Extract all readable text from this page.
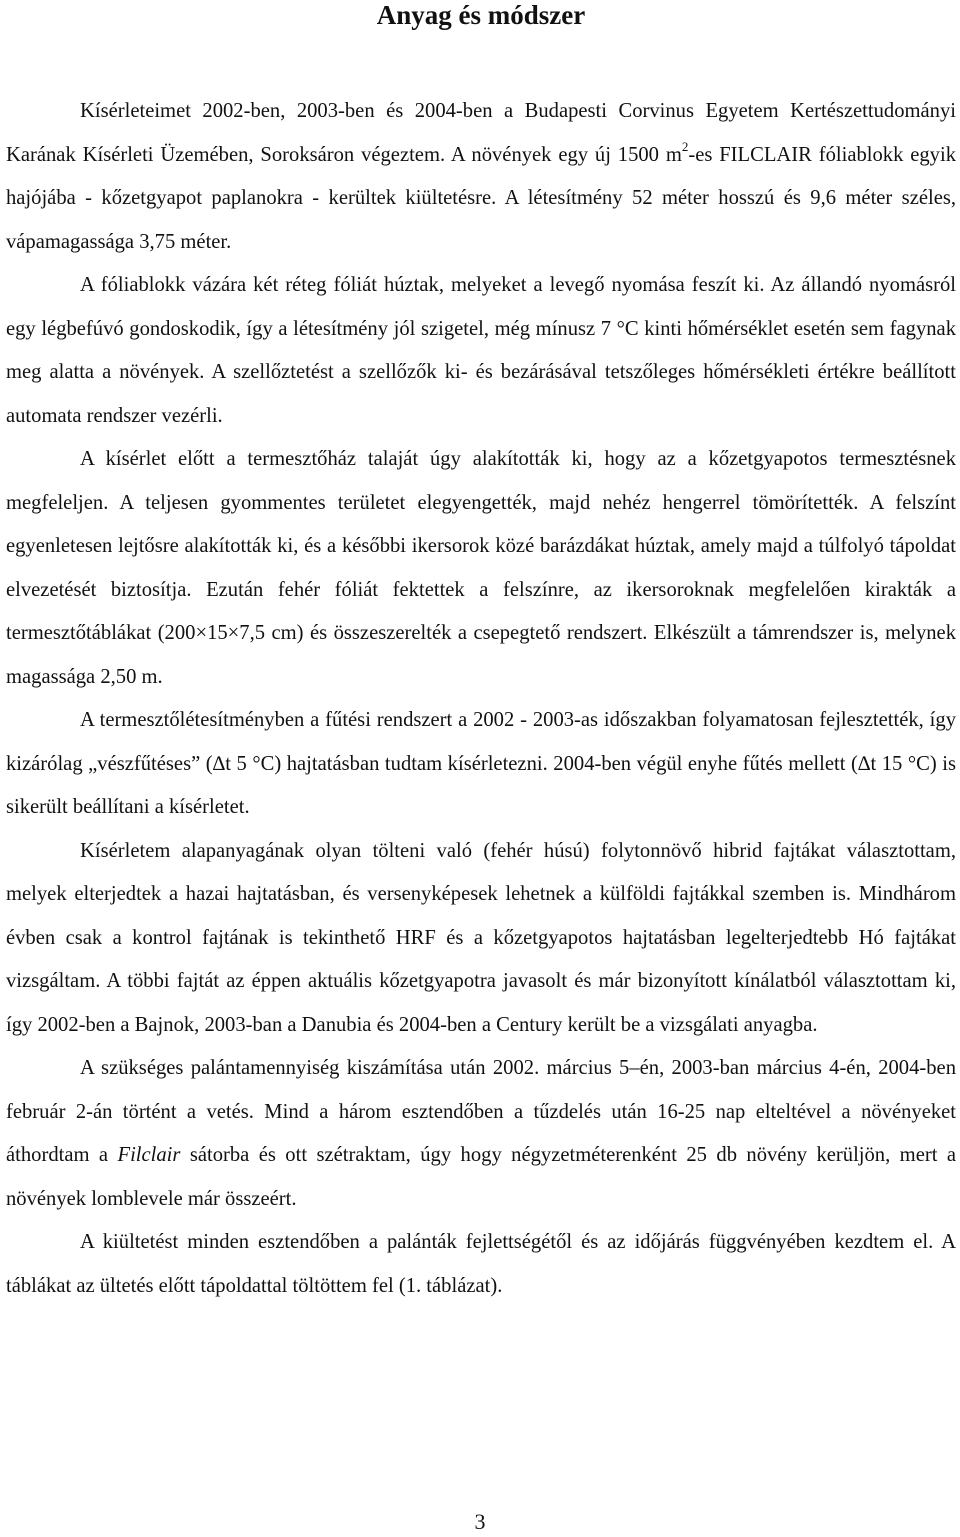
Anyag és módszer

Kísérleteimet 2002-ben, 2003-ben és 2004-ben a Budapesti Corvinus Egyetem Kertészettudományi Karának Kísérleti Üzemében, Soroksáron végeztem. A növények egy új 1500 $m^2-es$ FILCLAIR fóliablokk egyik hajójába - kőzetgyapot paplanokra - kerültek kiültetésre. A létesítmény 52 méter hosszú és 9,6 méter széles, vápamagassága 3,75 méter.

A fóliablokk vázára két réteg fóliát húztak, melyeket a levegő nyomása feszít ki. Az állandó nyomásról egy légbefúvó gondoskodik, így a létesítmény jól szigetel, még mínusz 7 °C kinti hőmérséklet esetén sem fagynak meg alatta a növények. A szellőztetést a szellőzők ki- és bezárásával tetszőleges hőmérsékleti értékre beállított automata rendszer vezérli.

A kísérlet előtt a termesztőház talaját úgy alakították ki, hogy az a kőzetgyapotos termesztésnek megfeleljen. A teljesen gyommentes területet elegyengették, majd nehéz hengerrel tömörítették. A felszínt egyenletesen lejtősre alakították ki, és a későbbi ikersorok közé barázdákat húztak, amely majd a túlfolyó tápoldat elvezetését biztosítja. Ezután fehér fóliát fektettek a felszínre, az ikersoroknak megfelelően kirakták a termesztőtáblákat (200×15×7,5 cm) és összeszerelték a csepegtető rendszert. Elkészült a támrendszer is, melynek magassága 2,50 m.

A termesztőlétesítményben a fűtési rendszert a 2002 - 2003-as időszakban folyamatosan fejlesztették, így kizárólag „vészfűtéses” (∆t 5 °C) hajtatásban tudtam kísérletezni. 2004-ben végül enyhe fűtés mellett (∆t 15 °C) is sikerült beállítani a kísérletet.

Kísérletem alapanyagának olyan tölteni való (fehér húsú) folytonnövő hibrid fajtákat választottam, melyek elterjedtek a hazai hajtatásban, és versenyképesek lehetnek a külföldi fajtákkal szemben is. Mindhárom évben csak a kontrol fajtának is tekinthető HRF és a kőzetgyapotos hajtatásban legelterjedtebb Hó fajtákat vizsgáltam. A többi fajtát az éppen aktuális kőzetgyapotra javasolt és már bizonyított kínálatból választottam ki, így 2002-ben a Bajnok, 2003-ban a Danubia és 2004-ben a Century került be a vizsgálati anyagba.

A szükséges palántamennyiség kiszámítása után 2002. március 5–én, 2003-ban március 4-én, 2004-ben február 2-án történt a vetés. Mind a három esztendőben a tűzdelés után 16-25 nap elteltével a növényeket áthordtam a Filclair sátorba és ott szétraktam, úgy hogy négyzetméterenként 25 db növény kerüljön, mert a növények lomblevele már összeért.

A kiültetést minden esztendőben a palánták fejlettségétől és az időjárás függvényében kezdtem el. A táblákat az ültetés előtt tápoldattal töltöttem fel (1. táblázat).

3
